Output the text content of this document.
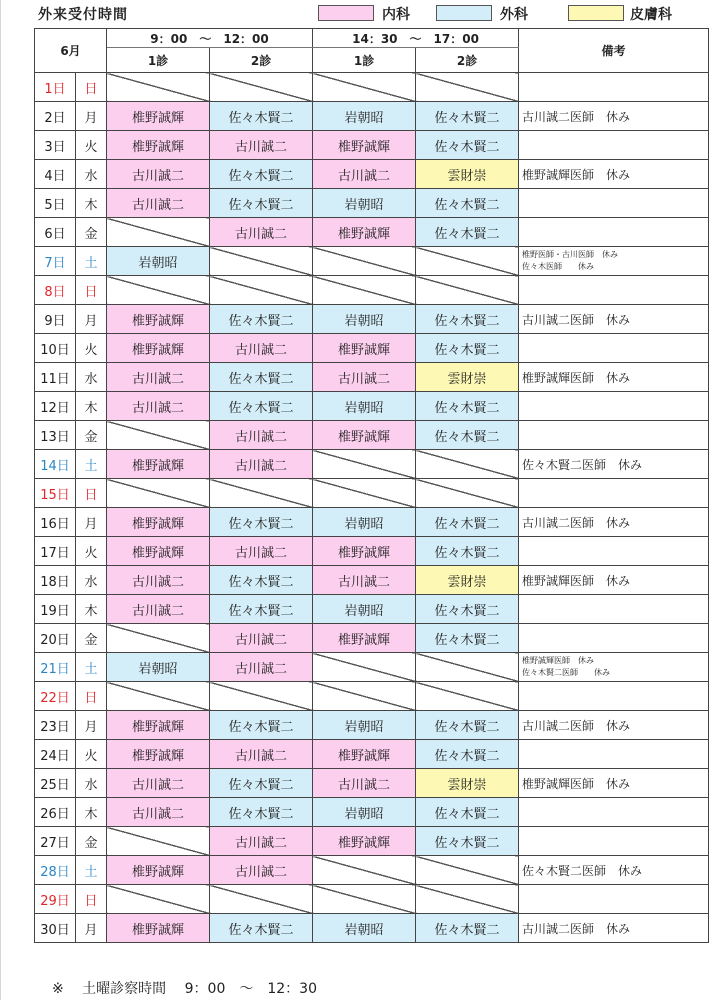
外来受付時間	内科	外科	皮膚科
6月		9：00　〜　12：00		14：30　〜　17：00		備考
		1診	2診	1診	2診	
1日	日					
2日	月	椎野誠輝	佐々木賢二	岩朝昭	佐々木賢二	古川誠二医師　休み

3日	火	椎野誠輝	古川誠二	椎野誠輝	佐々木賢二	
4日	水	古川誠二	佐々木賢二	古川誠二	雲財崇	椎野誠輝医師　休み

5日	木	古川誠二	佐々木賢二	岩朝昭	佐々木賢二	
6日	金		古川誠二	椎野誠輝	佐々木賢二	
7日	土	岩朝昭				椎野医師・古川医師　休み
佐々木医師　　休み

8日	日					
9日	月	椎野誠輝	佐々木賢二	岩朝昭	佐々木賢二	古川誠二医師　休み

10日	火	椎野誠輝	古川誠二	椎野誠輝	佐々木賢二	
11日	水	古川誠二	佐々木賢二	古川誠二	雲財崇	椎野誠輝医師　休み

12日	木	古川誠二	佐々木賢二	岩朝昭	佐々木賢二	
13日	金		古川誠二	椎野誠輝	佐々木賢二	
14日	土	椎野誠輝	古川誠二			佐々木賢二医師　休み

15日	日					
16日	月	椎野誠輝	佐々木賢二	岩朝昭	佐々木賢二	古川誠二医師　休み

17日	火	椎野誠輝	古川誠二	椎野誠輝	佐々木賢二	
18日	水	古川誠二	佐々木賢二	古川誠二	雲財崇	椎野誠輝医師　休み

19日	木	古川誠二	佐々木賢二	岩朝昭	佐々木賢二	
20日	金		古川誠二	椎野誠輝	佐々木賢二	
21日	土	岩朝昭	古川誠二			椎野誠輝医師　休み
佐々木賢二医師　　休み

22日	日					
23日	月	椎野誠輝	佐々木賢二	岩朝昭	佐々木賢二	古川誠二医師　休み

24日	火	椎野誠輝	古川誠二	椎野誠輝	佐々木賢二	
25日	水	古川誠二	佐々木賢二	古川誠二	雲財崇	椎野誠輝医師　休み

26日	木	古川誠二	佐々木賢二	岩朝昭	佐々木賢二	
27日	金		古川誠二	椎野誠輝	佐々木賢二	
28日	土	椎野誠輝	古川誠二			佐々木賢二医師　休み

29日	日					
30日	月	椎野誠輝	佐々木賢二	岩朝昭	佐々木賢二	古川誠二医師　休み
※　 土曜診察時間　 9：00　〜　12：30
